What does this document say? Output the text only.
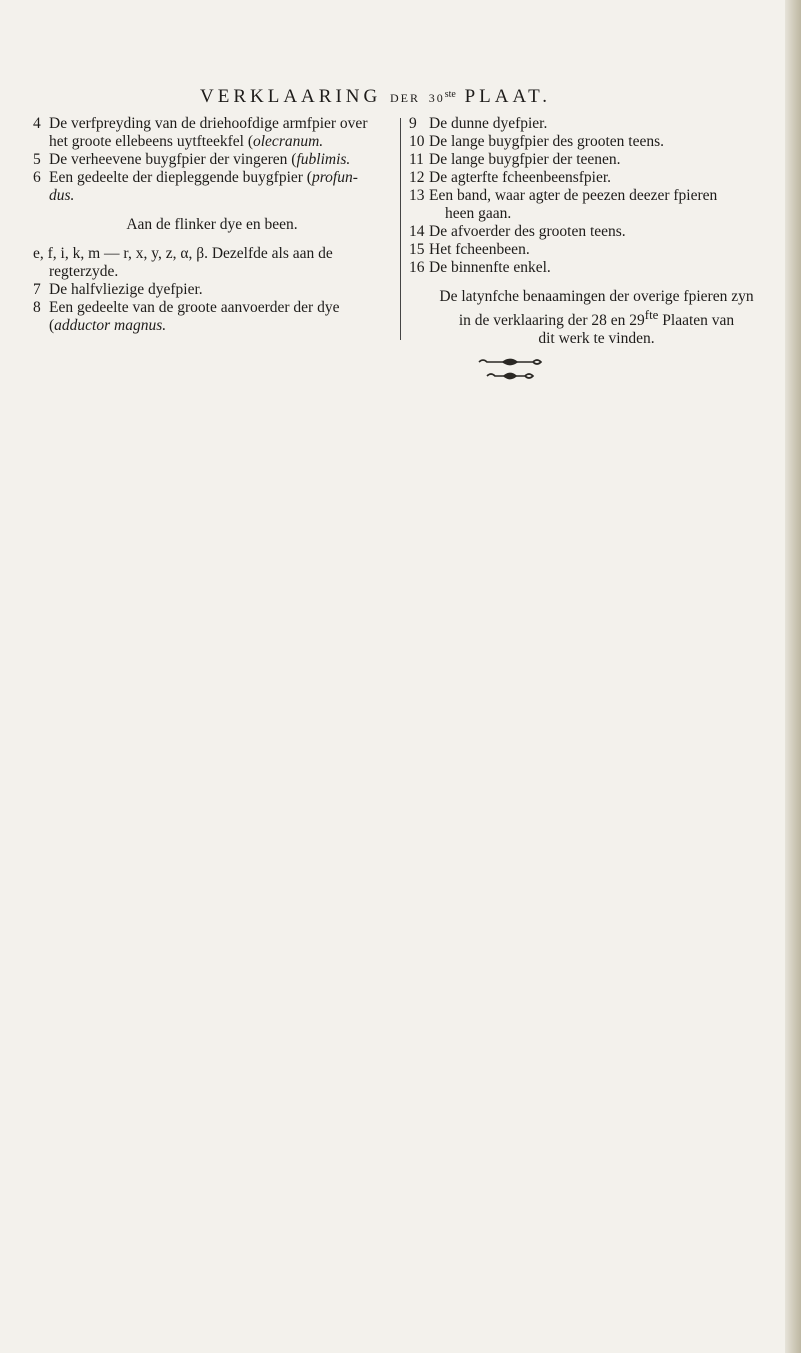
VERKLAARING DER 30ste PLAAT.
4 De verfpreyding van de driehoofdige armfpier over
het groote ellebeens uytfteekfel (olecranum.
5 De verheevene buygfpier der vingeren (fublimis.
6 Een gedeelte der diepleggende buygfpier (profun-
dus.
Aan de flinker dye en been.
e, f, i, k, m — r, x, y, z, α, β. Dezelfde als aan de
regterzyde.
7 De halfvliezige dyefpier.
8 Een gedeelte van de groote aanvoerder der dye
(adductor magnus.
9 De dunne dyefpier.
10 De lange buygfpier des grooten teens.
11 De lange buygfpier der teenen.
12 De agterfte fcheenbeensfpier.
13 Een band, waar agter de peezen deezer fpieren
heen gaan.
14 De afvoerder des grooten teens.
15 Het fcheenbeen.
16 De binnenfte enkel.
De latynfche benaamingen der overige fpieren zyn
in de verklaaring der 28 en $29^{fte}$ Plaaten van
dit werk te vinden.
